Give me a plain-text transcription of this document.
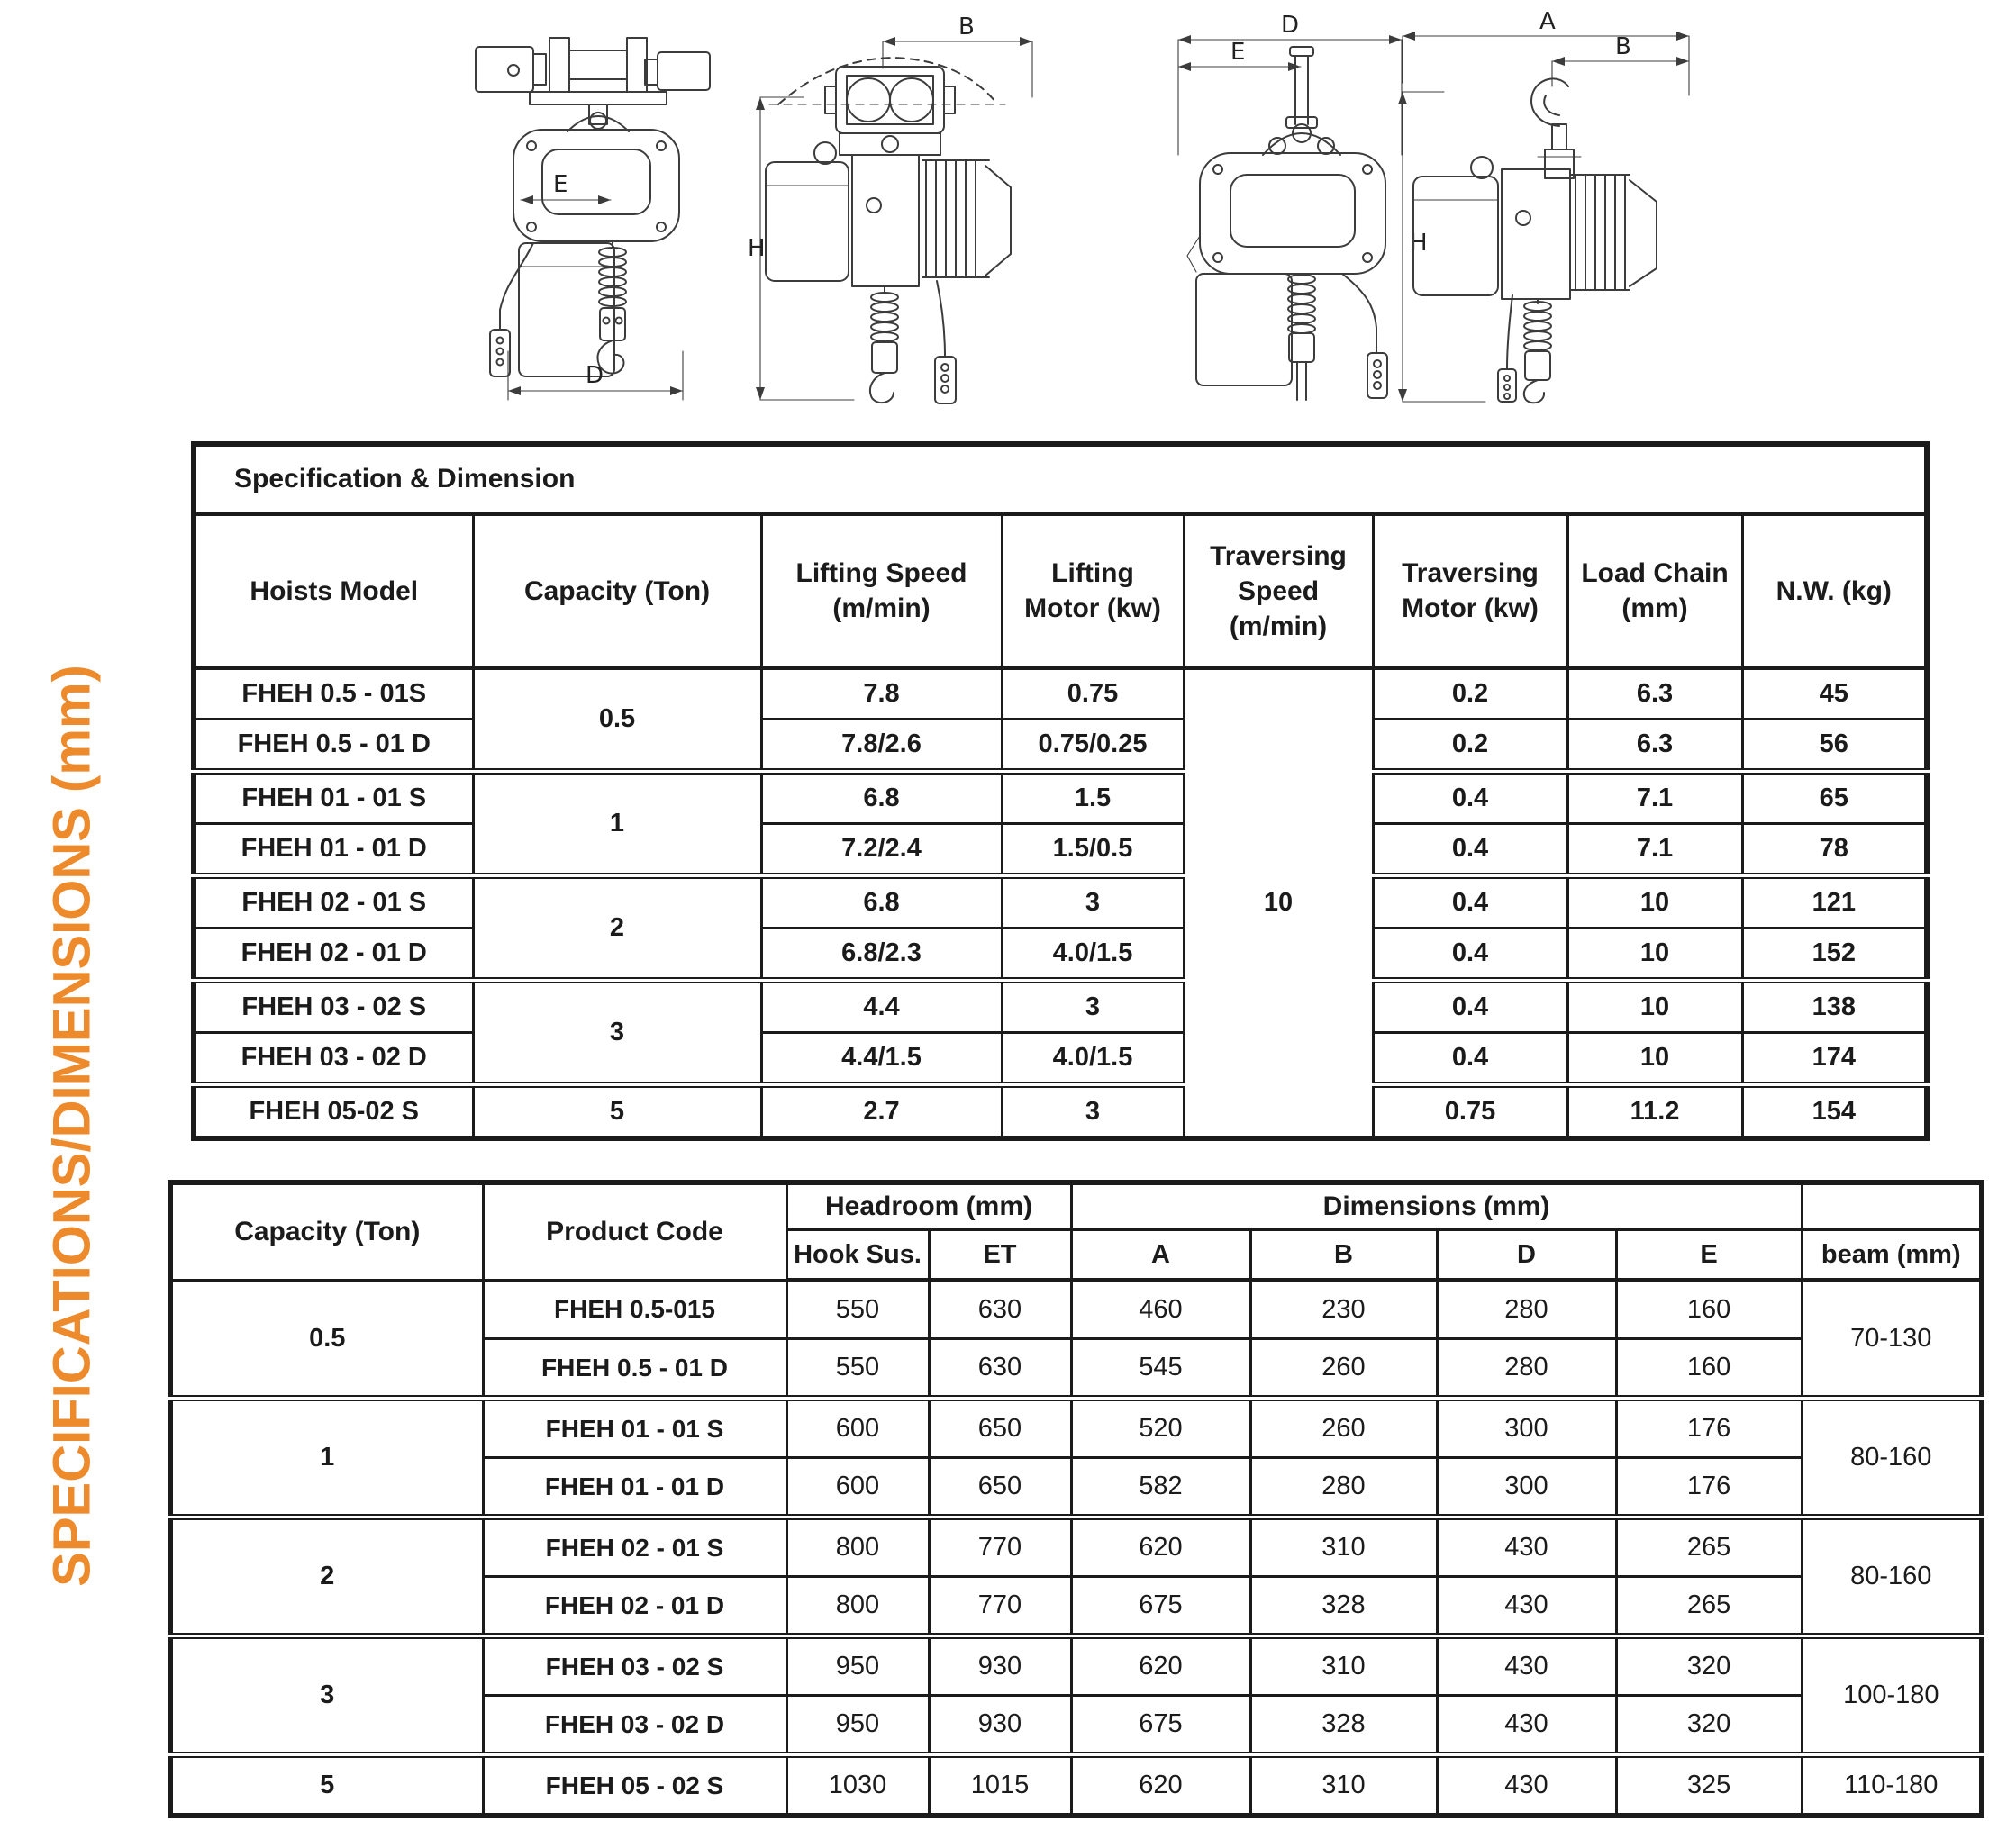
SPECIFICATIONS/DIMENSIONS (mm)
E
D
B
H
D
E
A
B
H
Specification & Dimension							
Hoists Model	Capacity (Ton)	Lifting Speed (m/min)	Lifting Motor (kw)	Traversing Speed (m/min)	Traversing Motor (kw)	Load Chain (mm)	N.W. (kg)
FHEH 0.5 - 01S	0.5	7.8	0.75	10	0.2	6.3	45
FHEH 0.5 - 01 D		7.8/2.6	0.75/0.25		0.2	6.3	56
FHEH 01 - 01 S	1	6.8	1.5		0.4	7.1	65
FHEH 01 - 01 D		7.2/2.4	1.5/0.5		0.4	7.1	78
FHEH 02 - 01 S	2	6.8	3		0.4	10	121
FHEH 02 - 01 D		6.8/2.3	4.0/1.5		0.4	10	152
FHEH 03 - 02 S	3	4.4	3		0.4	10	138
FHEH 03 - 02 D		4.4/1.5	4.0/1.5		0.4	10	174
FHEH 05-02 S	5	2.7	3		0.75	11.2	154
Capacity (Ton)	Product Code	Headroom (mm)		Dimensions (mm)				
		Hook Sus.	ET	A	B	D	E	beam (mm)
0.5	FHEH 0.5-015	550	630	460	230	280	160	70-130
	FHEH 0.5 - 01 D	550	630	545	260	280	160	
1	FHEH 01 - 01 S	600	650	520	260	300	176	80-160
	FHEH 01 - 01 D	600	650	582	280	300	176	
2	FHEH 02 - 01 S	800	770	620	310	430	265	80-160
	FHEH 02 - 01 D	800	770	675	328	430	265	
3	FHEH 03 - 02 S	950	930	620	310	430	320	100-180
	FHEH 03 - 02 D	950	930	675	328	430	320	
5	FHEH 05 - 02 S	1030	1015	620	310	430	325	110-180
